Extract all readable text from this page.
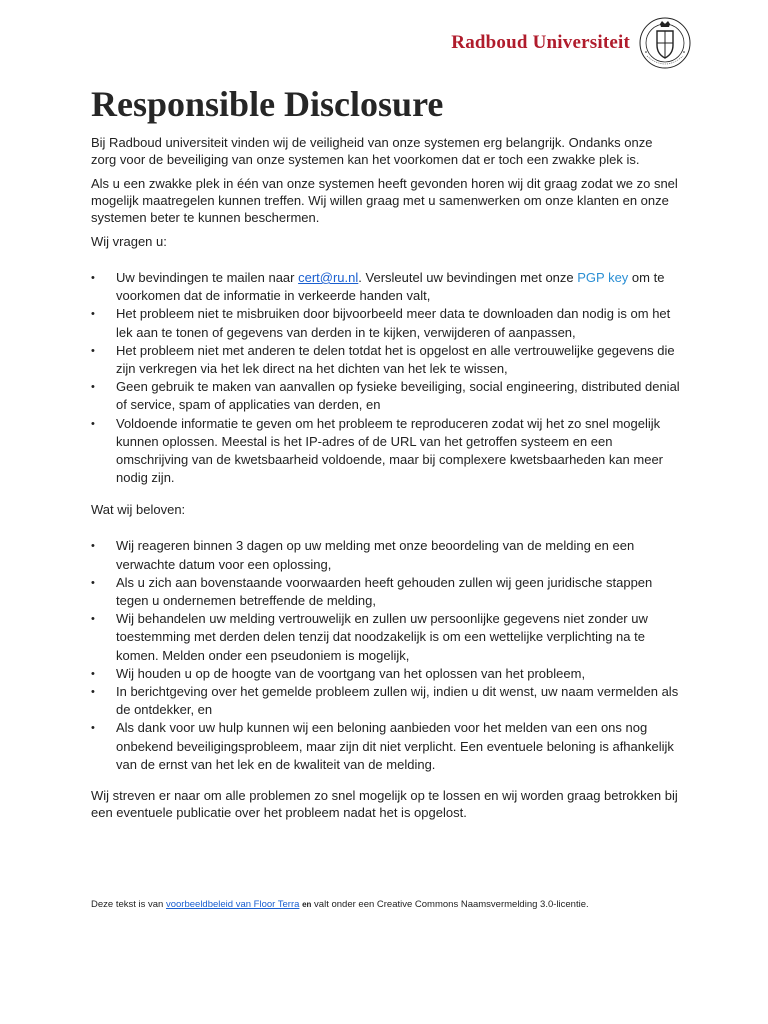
Radboud Universiteit
Responsible Disclosure

Bij Radboud universiteit vinden wij de veiligheid van onze systemen erg belangrijk. Ondanks onze zorg voor de beveiliging van onze systemen kan het voorkomen dat er toch een zwakke plek is.

Als u een zwakke plek in één van onze systemen heeft gevonden horen wij dit graag zodat we zo snel mogelijk maatregelen kunnen treffen. Wij willen graag met u samenwerken om onze klanten en onze systemen beter te kunnen beschermen.

Wij vragen u:

• Uw bevindingen te mailen naar cert@ru.nl. Versleutel uw bevindingen met onze PGP key om te voorkomen dat de informatie in verkeerde handen valt,
• Het probleem niet te misbruiken door bijvoorbeeld meer data te downloaden dan nodig is om het lek aan te tonen of gegevens van derden in te kijken, verwijderen of aanpassen,
• Het probleem niet met anderen te delen totdat het is opgelost en alle vertrouwelijke gegevens die zijn verkregen via het lek direct na het dichten van het lek te wissen,
• Geen gebruik te maken van aanvallen op fysieke beveiliging, social engineering, distributed denial of service, spam of applicaties van derden, en
• Voldoende informatie te geven om het probleem te reproduceren zodat wij het zo snel mogelijk kunnen oplossen. Meestal is het IP-adres of de URL van het getroffen systeem en een omschrijving van de kwetsbaarheid voldoende, maar bij complexere kwetsbaarheden kan meer nodig zijn.

Wat wij beloven:

• Wij reageren binnen 3 dagen op uw melding met onze beoordeling van de melding en een verwachte datum voor een oplossing,
• Als u zich aan bovenstaande voorwaarden heeft gehouden zullen wij geen juridische stappen tegen u ondernemen betreffende de melding,
• Wij behandelen uw melding vertrouwelijk en zullen uw persoonlijke gegevens niet zonder uw toestemming met derden delen tenzij dat noodzakelijk is om een wettelijke verplichting na te komen. Melden onder een pseudoniem is mogelijk,
• Wij houden u op de hoogte van de voortgang van het oplossen van het probleem,
• In berichtgeving over het gemelde probleem zullen wij, indien u dit wenst, uw naam vermelden als de ontdekker, en
• Als dank voor uw hulp kunnen wij een beloning aanbieden voor het melden van een ons nog onbekend beveiligingsprobleem, maar zijn dit niet verplicht. Een eventuele beloning is afhankelijk van de ernst van het lek en de kwaliteit van de melding.

Wij streven er naar om alle problemen zo snel mogelijk op te lossen en wij worden graag betrokken bij een eventuele publicatie over het probleem nadat het is opgelost.

Deze tekst is van voorbeeldbeleid van Floor Terra en valt onder een Creative Commons Naamsvermelding 3.0-licentie.
